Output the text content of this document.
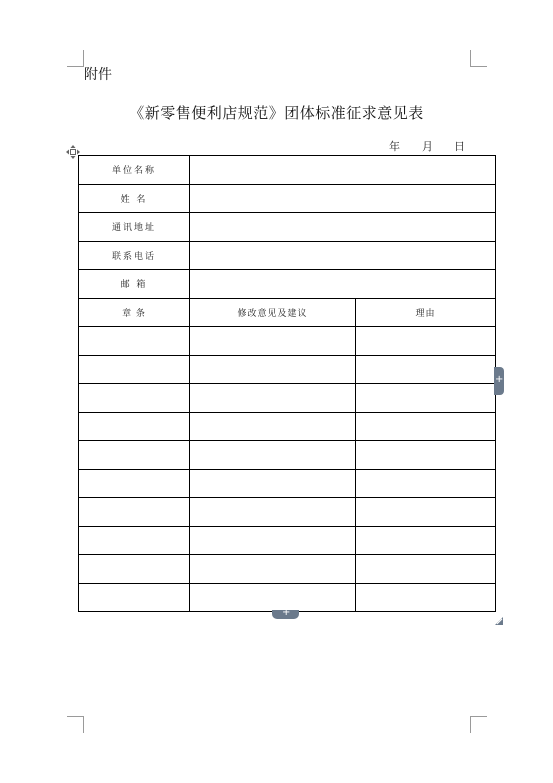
附件
《新零售便利店规范》团体标准征求意见表
年 月 日
单位名称		
姓 名		
通讯地址		
联系电话		
邮 箱		
章 条	修改意见及建议	理由

+
+
